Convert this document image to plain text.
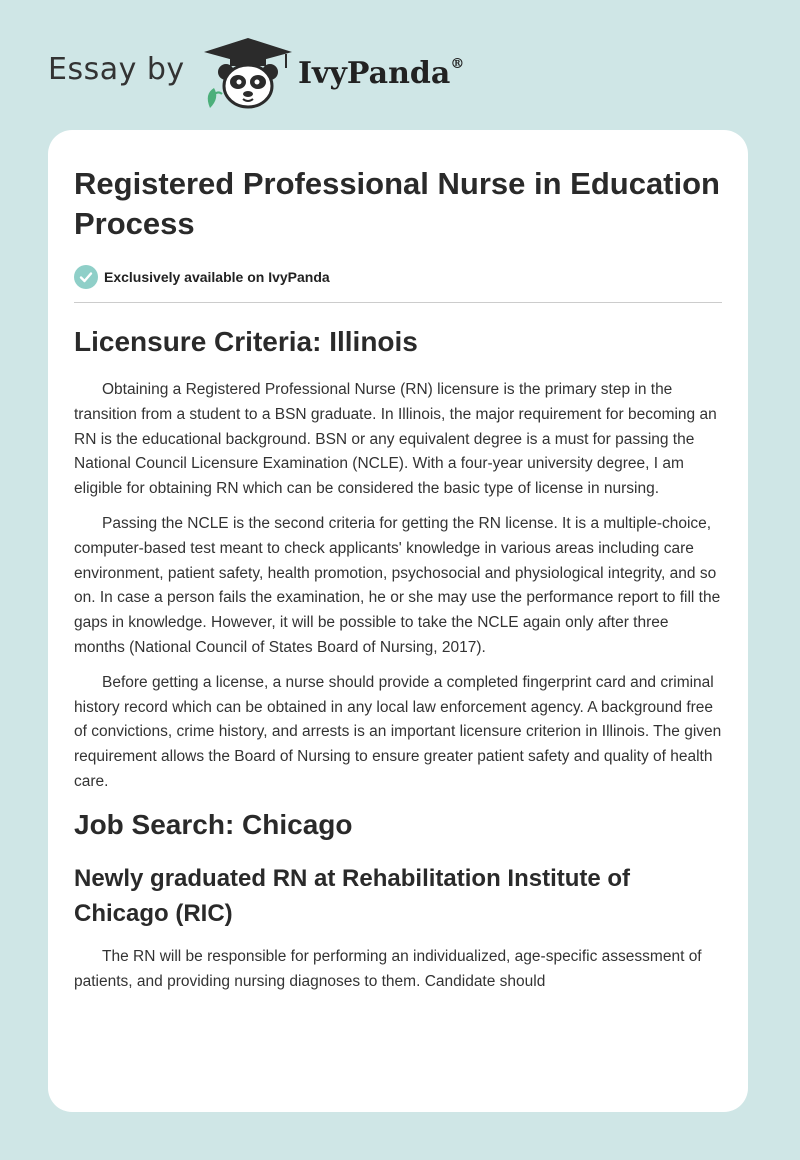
Essay by	IvyPanda®
Registered Professional Nurse in Education Process
Exclusively available on IvyPanda
Licensure Criteria: Illinois

Obtaining a Registered Professional Nurse (RN) licensure is the primary step in the transition from a student to a BSN graduate. In Illinois, the major requirement for becoming an RN is the educational background. BSN or any equivalent degree is a must for passing the National Council Licensure Examination (NCLE). With a four-year university degree, I am eligible for obtaining RN which can be considered the basic type of license in nursing.

Passing the NCLE is the second criteria for getting the RN license. It is a multiple-choice, computer-based test meant to check applicants' knowledge in various areas including care environment, patient safety, health promotion, psychosocial and physiological integrity, and so on. In case a person fails the examination, he or she may use the performance report to fill the gaps in knowledge. However, it will be possible to take the NCLE again only after three months (National Council of States Board of Nursing, 2017).

Before getting a license, a nurse should provide a completed fingerprint card and criminal history record which can be obtained in any local law enforcement agency. A background free of convictions, crime history, and arrests is an important licensure criterion in Illinois. The given requirement allows the Board of Nursing to ensure greater patient safety and quality of health care.

Job Search: Chicago
Newly graduated RN at Rehabilitation Institute of Chicago (RIC)

The RN will be responsible for performing an individualized, age-specific assessment of patients, and providing nursing diagnoses to them. Candidate should
